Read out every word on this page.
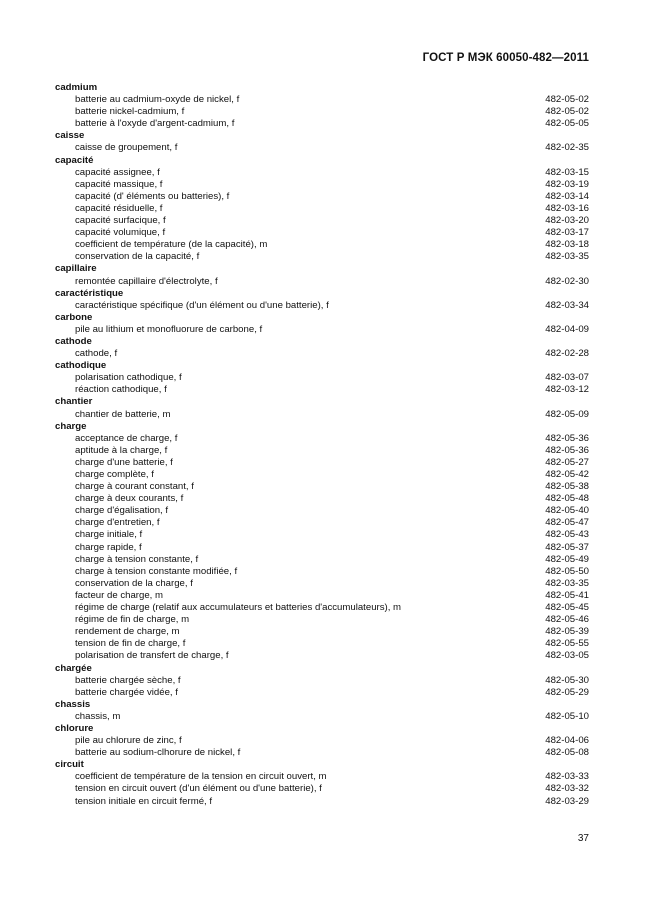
ГОСТ Р МЭК 60050-482—2011
cadmium
batterie au cadmium-oxyde de nickel, f	482-05-02
batterie nickel-cadmium, f	482-05-02
batterie à l'oxyde d'argent-cadmium, f	482-05-05
caisse
caisse de groupement, f	482-02-35
capacité
capacité assignee, f	482-03-15
capacité massique, f	482-03-19
capacité (d' éléments ou batteries), f	482-03-14
capacité résiduelle, f	482-03-16
capacité surfacique, f	482-03-20
capacité volumique, f	482-03-17
coefficient de température (de la capacité), m	482-03-18
conservation de la capacité, f	482-03-35
capillaire
remontée capillaire d'électrolyte, f	482-02-30
caractéristique
caractéristique spécifique (d'un élément ou d'une batterie), f	482-03-34
carbone
pile au lithium et monofluorure de carbone, f	482-04-09
cathode
cathode, f	482-02-28
cathodique
polarisation cathodique, f	482-03-07
réaction cathodique, f	482-03-12
chantier
chantier de batterie, m	482-05-09
charge
acceptance de charge, f	482-05-36
aptitude à la charge, f	482-05-36
charge d'une batterie, f	482-05-27
charge complète, f	482-05-42
charge à courant constant, f	482-05-38
charge à deux courants, f	482-05-48
charge d'égalisation, f	482-05-40
charge d'entretien, f	482-05-47
charge initiale, f	482-05-43
charge rapide, f	482-05-37
charge à tension constante, f	482-05-49
charge à tension constante modifiée, f	482-05-50
conservation de la charge, f	482-03-35
facteur de charge, m	482-05-41
régime de charge (relatif aux accumulateurs et batteries d'accumulateurs), m	482-05-45
régime de fin de charge, m	482-05-46
rendement de charge, m	482-05-39
tension de fin de charge, f	482-05-55
polarisation de transfert de charge, f	482-03-05
chargée
batterie chargée sèche, f	482-05-30
batterie chargée vidée, f	482-05-29
chassis
chassis, m	482-05-10
chlorure
pile au chlorure de zinc, f	482-04-06
batterie au sodium-clhorure de nickel, f	482-05-08
circuit
coefficient de température de la tension en circuit ouvert, m	482-03-33
tension en circuit ouvert (d'un élément ou d'une batterie), f	482-03-32
tension initiale en circuit fermé, f	482-03-29
37
